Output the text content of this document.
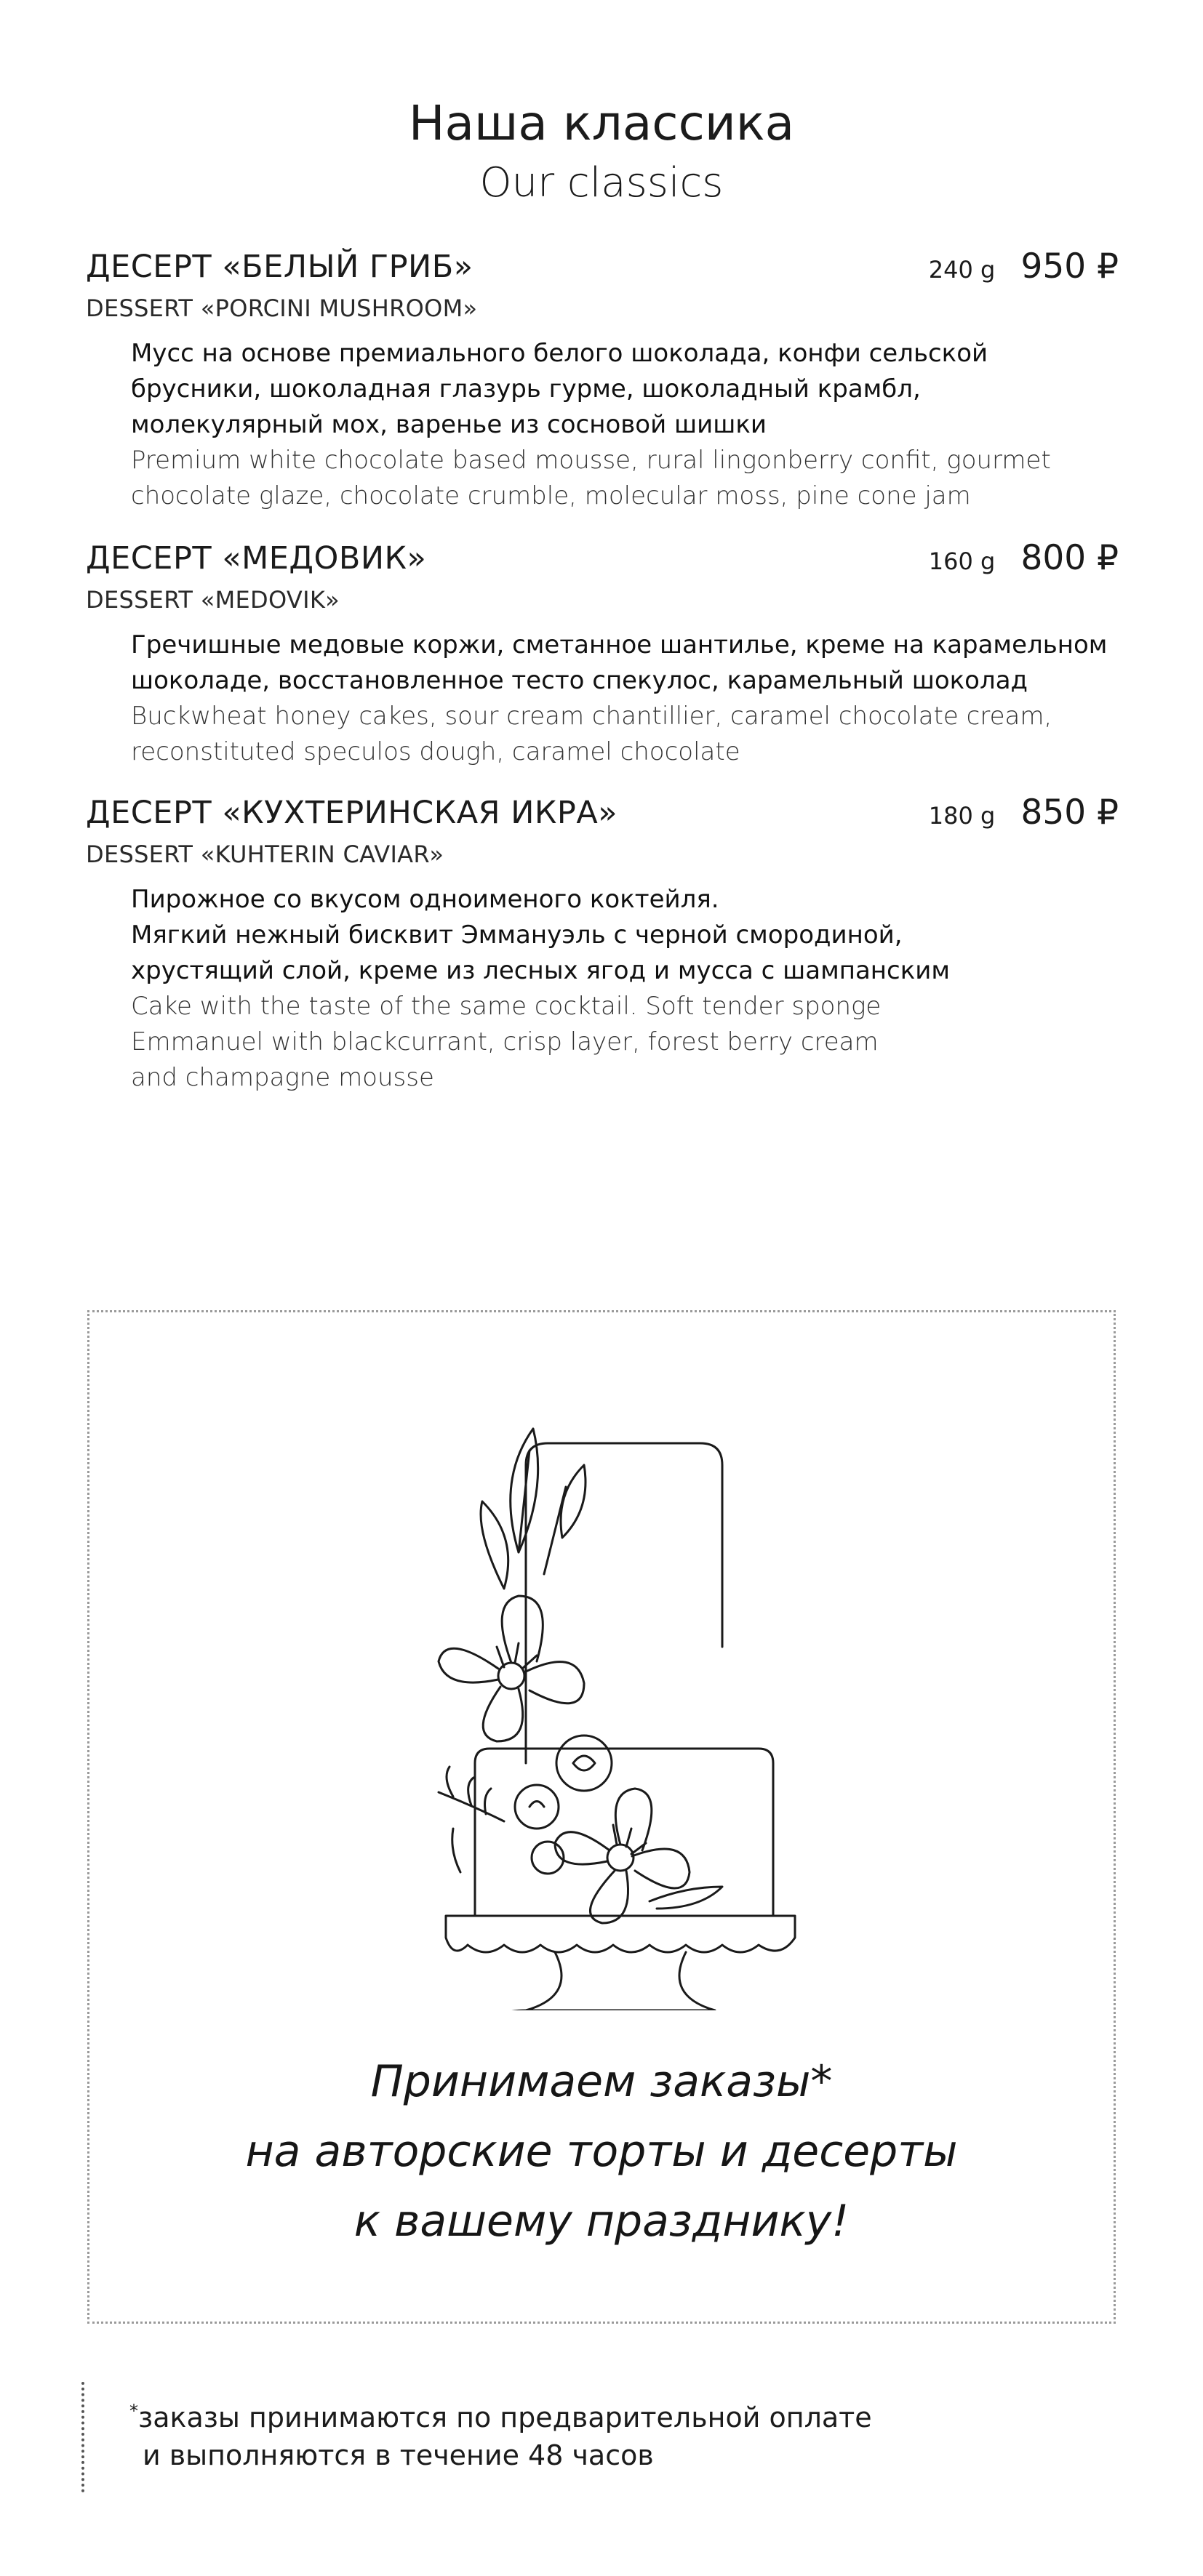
Наша классика
Our classics
ДЕСЕРТ «БЕЛЫЙ ГРИБ»	240 g 950 ₽
DESSERT «PORCINI MUSHROOM»
Мусс на основе премиального белого шоколада, конфи сельской
брусники, шоколадная глазурь гурме, шоколадный крамбл,
молекулярный мох, варенье из сосновой шишки
Premium white chocolate based mousse, rural lingonberry confit, gourmet
chocolate glaze, chocolate crumble, molecular moss, pine cone jam
ДЕСЕРТ «МЕДОВИК»	160 g 800 ₽
DESSERT «MEDOVIK»
Гречишные медовые коржи, сметанное шантилье, креме на карамельном
шоколаде, восстановленное тесто спекулос, карамельный шоколад
Buckwheat honey cakes, sour cream chantillier, caramel chocolate cream,
reconstituted speculos dough, caramel chocolate
ДЕСЕРТ «КУХТЕРИНСКАЯ ИКРА»	180 g 850 ₽
DESSERT «KUHTERIN CAVIAR»
Пирожное со вкусом одноименого коктейля.
Мягкий нежный бисквит Эммануэль с черной смородиной,
хрустящий слой, креме из лесных ягод и мусса с шампанским
Cake with the taste of the same cocktail. Soft tender sponge
Emmanuel with blackcurrant, crisp layer, forest berry cream
and champagne mousse
Принимаем заказы*
на авторские торты и десерты
к вашему празднику!
*заказы принимаются по предварительной оплате
и выполняются в течение 48 часов
